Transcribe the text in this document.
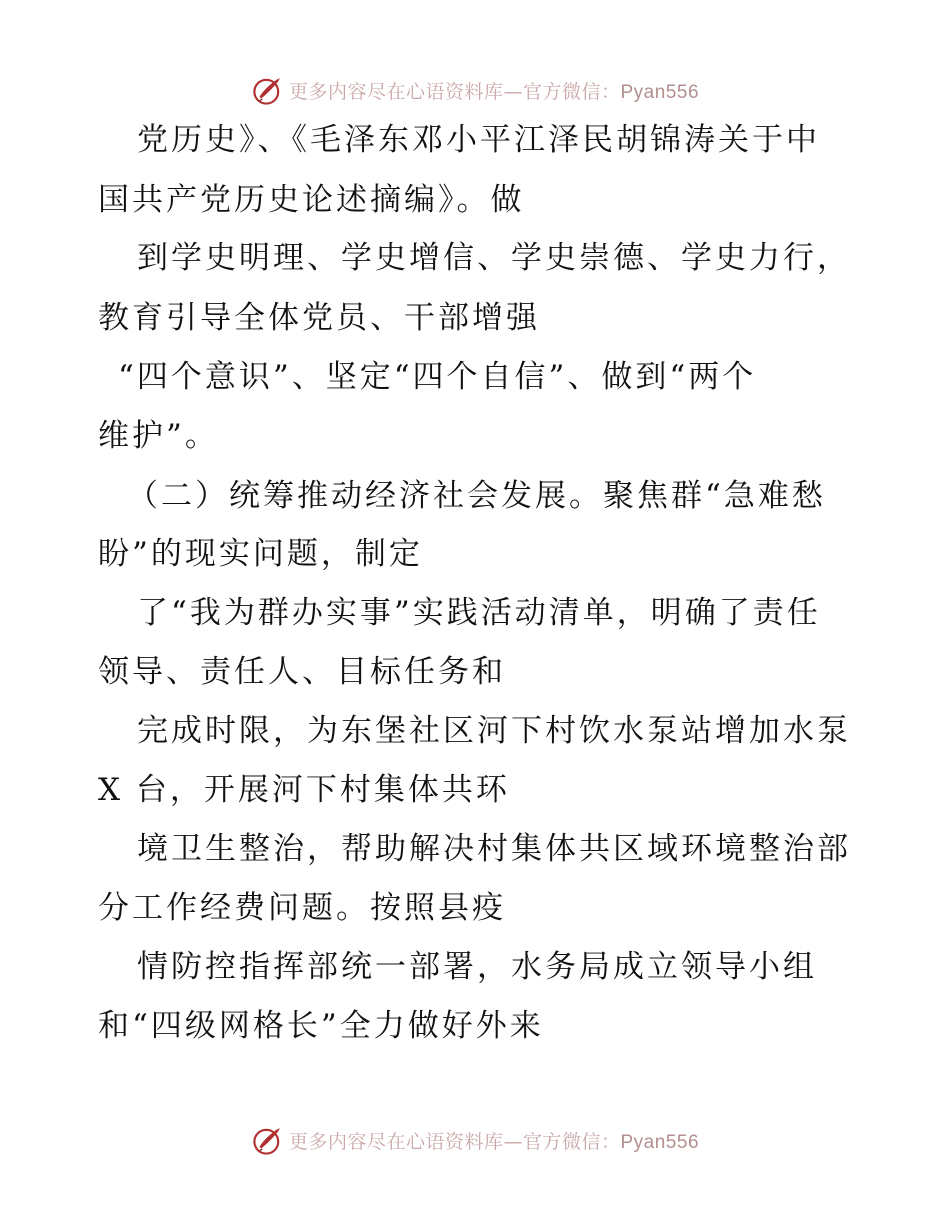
更多内容尽在心语资料库—官方微信：Pyan556
党历史》、《毛泽东邓小平江泽民胡锦涛关于中
国共产党历史论述摘编》。做
到学史明理、学史增信、学史崇德、学史力行，
教育引导全体党员、干部增强
“四个意识”、坚定“四个自信”、做到“两个
维护”。
（二）统筹推动经济社会发展。聚焦群“急难愁
盼”的现实问题，制定
了“我为群办实事”实践活动清单，明确了责任
领导、责任人、目标任务和
完成时限，为东堡社区河下村饮水泵站增加水泵
X 台，开展河下村集体共环
境卫生整治，帮助解决村集体共区域环境整治部
分工作经费问题。按照县疫
情防控指挥部统一部署，水务局成立领导小组
和“四级网格长”全力做好外来
更多内容尽在心语资料库—官方微信：Pyan556
